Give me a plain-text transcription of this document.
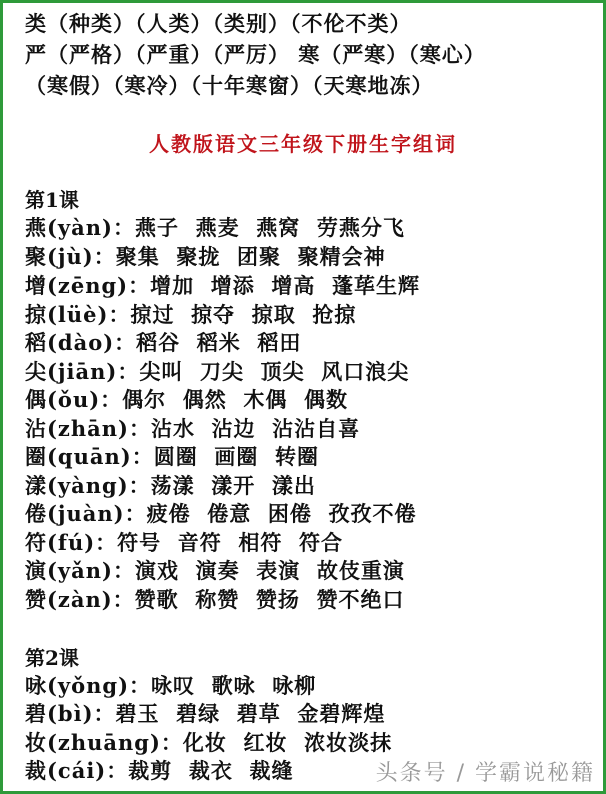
类（种类）（人类）（类别）（不伦不类）
严（严格）（严重）（严厉） 寒（严寒）（寒心）
（寒假）（寒冷）（十年寒窗）（天寒地冻）
人教版语文三年级下册生字组词
第1课
燕(yàn)：燕子  燕麦  燕窝  劳燕分飞
聚(jù)：聚集  聚拢  团聚  聚精会神
增(zēng)：增加  增添  增高  蓬荜生辉
掠(lüè)：掠过  掠夺  掠取  抢掠
稻(dào)：稻谷  稻米  稻田
尖(jiān)：尖叫  刀尖  顶尖  风口浪尖
偶(ǒu)：偶尔  偶然  木偶  偶数
沾(zhān)：沾水  沾边  沾沾自喜
圈(quān)：圆圈  画圈  转圈
漾(yàng)：荡漾  漾开  漾出
倦(juàn)：疲倦  倦意  困倦  孜孜不倦
符(fú)：符号  音符  相符  符合
演(yǎn)：演戏  演奏  表演  故伎重演
赞(zàn)：赞歌  称赞  赞扬  赞不绝口
第2课
咏(yǒng)：咏叹  歌咏  咏柳
碧(bì)：碧玉  碧绿  碧草  金碧辉煌
妆(zhuāng)：化妆  红妆  浓妆淡抹
裁(cái)：裁剪  裁衣  裁缝	头条号 / 学霸说秘籍
